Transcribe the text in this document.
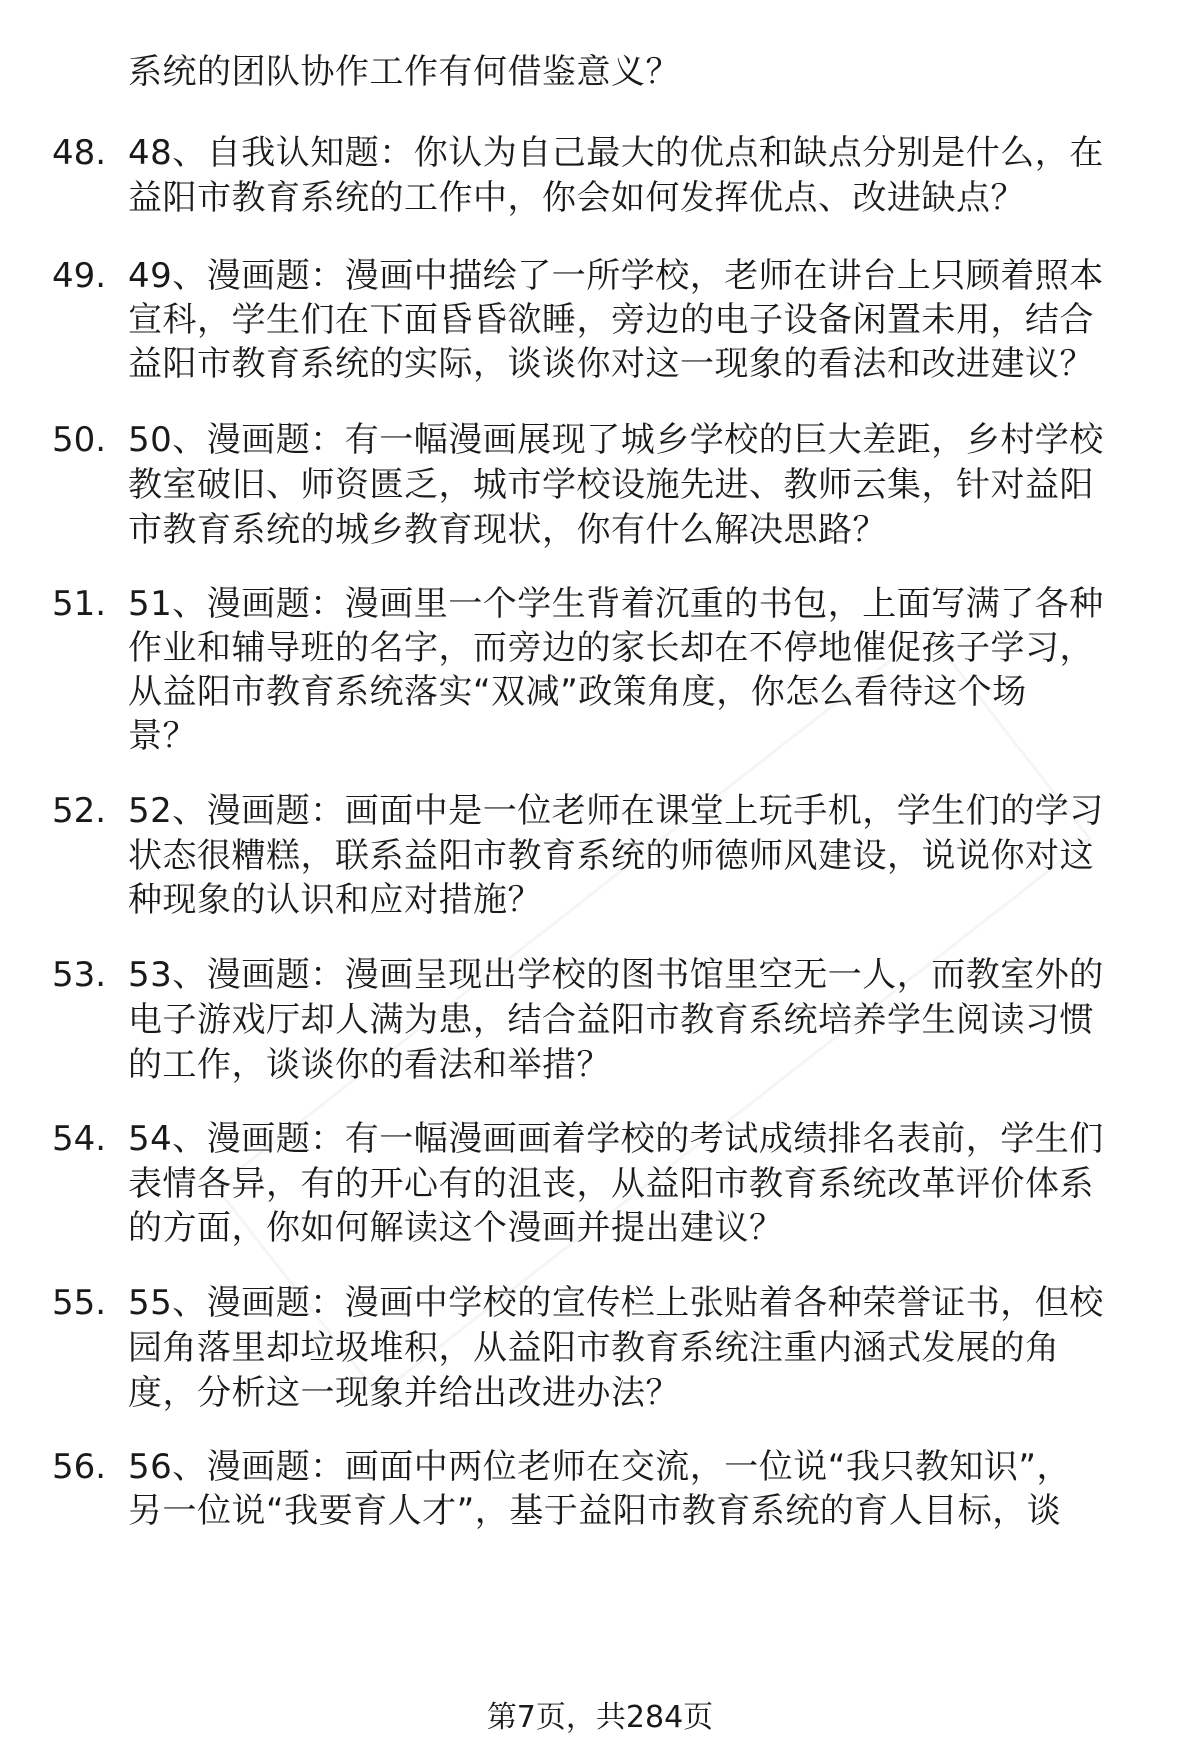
系统的团队协作工作有何借鉴意义？
48. 48、自我认知题：你认为自己最大的优点和缺点分别是什么，在
益阳市教育系统的工作中，你会如何发挥优点、改进缺点？
49. 49、漫画题：漫画中描绘了一所学校，老师在讲台上只顾着照本
宣科，学生们在下面昏昏欲睡，旁边的电子设备闲置未用，结合
益阳市教育系统的实际，谈谈你对这一现象的看法和改进建议？
50. 50、漫画题：有一幅漫画展现了城乡学校的巨大差距，乡村学校
教室破旧、师资匮乏，城市学校设施先进、教师云集，针对益阳
市教育系统的城乡教育现状，你有什么解决思路？
51. 51、漫画题：漫画里一个学生背着沉重的书包，上面写满了各种
作业和辅导班的名字，而旁边的家长却在不停地催促孩子学习，
从益阳市教育系统落实“双减”政策角度，你怎么看待这个场
景？
52. 52、漫画题：画面中是一位老师在课堂上玩手机，学生们的学习
状态很糟糕，联系益阳市教育系统的师德师风建设，说说你对这
种现象的认识和应对措施？
53. 53、漫画题：漫画呈现出学校的图书馆里空无一人，而教室外的
电子游戏厅却人满为患，结合益阳市教育系统培养学生阅读习惯
的工作，谈谈你的看法和举措？
54. 54、漫画题：有一幅漫画画着学校的考试成绩排名表前，学生们
表情各异，有的开心有的沮丧，从益阳市教育系统改革评价体系
的方面，你如何解读这个漫画并提出建议？
55. 55、漫画题：漫画中学校的宣传栏上张贴着各种荣誉证书，但校
园角落里却垃圾堆积，从益阳市教育系统注重内涵式发展的角
度，分析这一现象并给出改进办法？
56. 56、漫画题：画面中两位老师在交流，一位说“我只教知识”，
另一位说“我要育人才”，基于益阳市教育系统的育人目标，谈
第7页，共284页
